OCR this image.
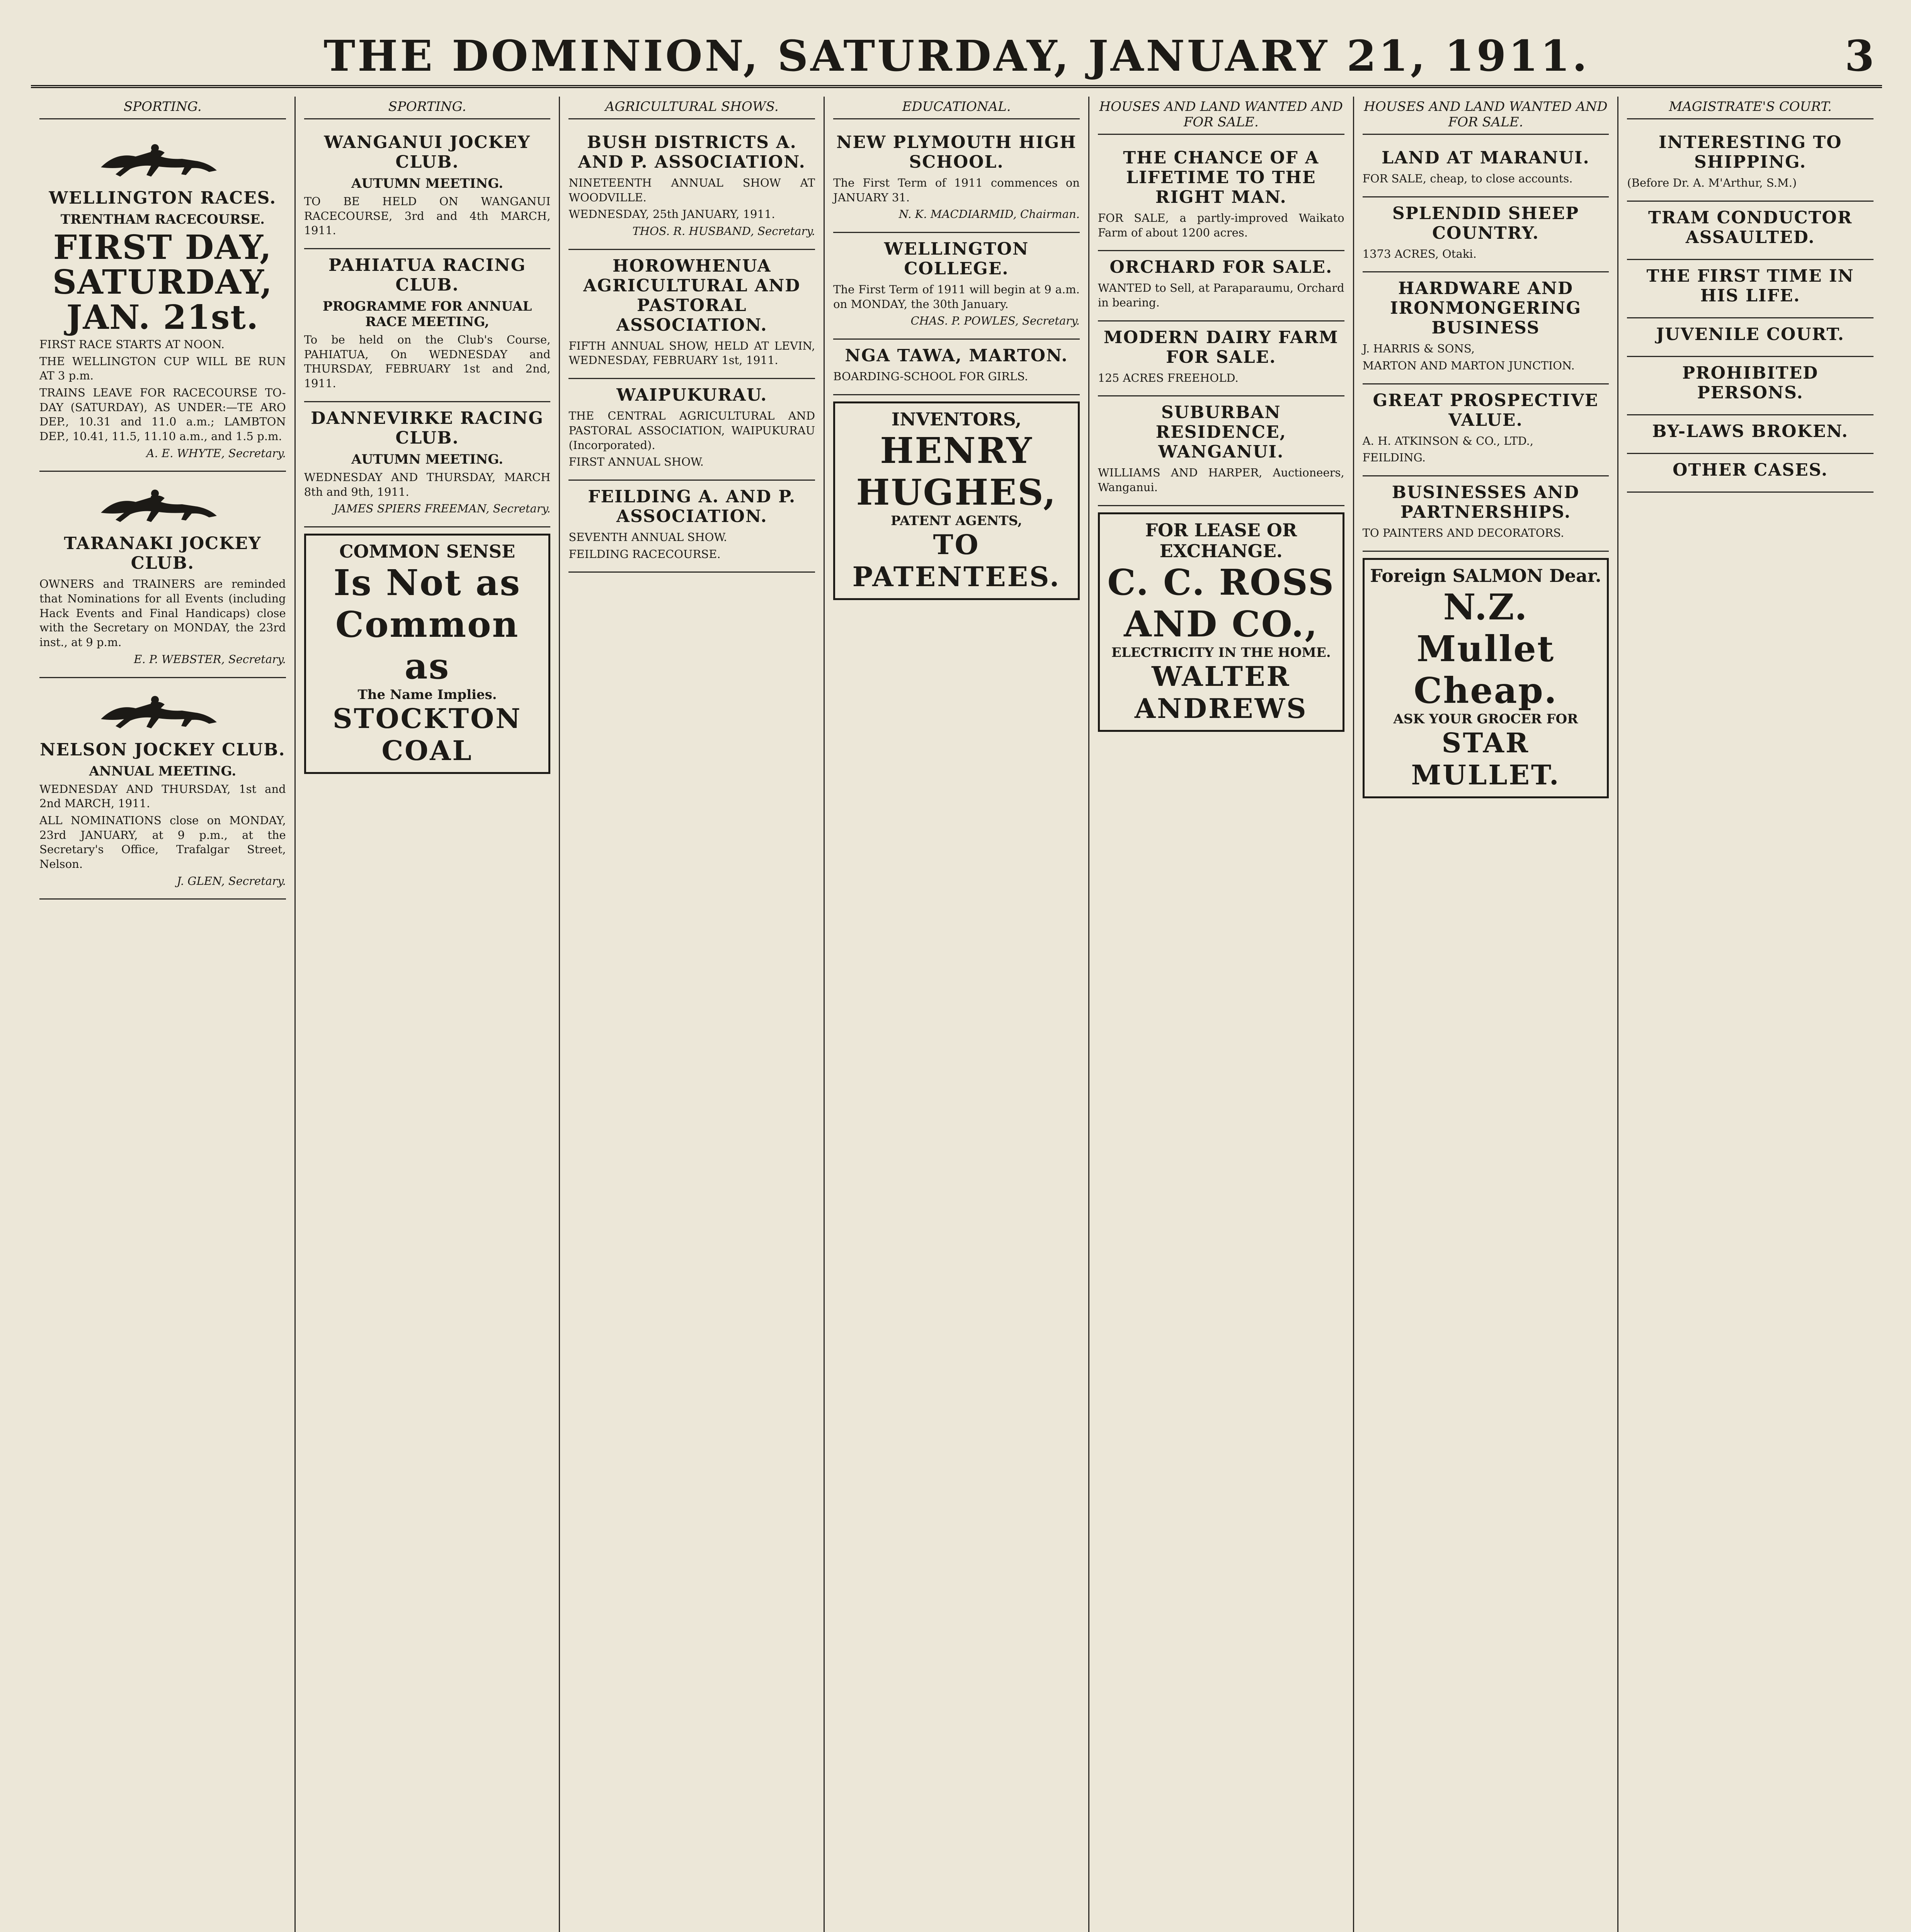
THE DOMINION, SATURDAY, JANUARY 21, 1911.	3
SPORTING.
WELLINGTON RACES.
TRENTHAM RACECOURSE.

FIRST DAY, SATURDAY, JAN. 21st.

FIRST RACE STARTS AT NOON.

THE WELLINGTON CUP WILL BE RUN AT 3 p.m.

TRAINS LEAVE FOR RACECOURSE TO-DAY (SATURDAY), AS UNDER:—TE ARO DEP., 10.31 and 11.0 a.m.; LAMBTON DEP., 10.41, 11.5, 11.10 a.m., and 1.5 p.m.

A. E. WHYTE, Secretary.

TARANAKI JOCKEY CLUB.

OWNERS and TRAINERS are reminded that Nominations for all Events (including Hack Events and Final Handicaps) close with the Secretary on MONDAY, the 23rd inst., at 9 p.m.

E. P. WEBSTER, Secretary.

NELSON JOCKEY CLUB.
ANNUAL MEETING.

WEDNESDAY AND THURSDAY, 1st and 2nd MARCH, 1911.

ALL NOMINATIONS close on MONDAY, 23rd JANUARY, at 9 p.m., at the Secretary's Office, Trafalgar Street, Nelson.

J. GLEN, Secretary.

SPORTING.
WANGANUI JOCKEY CLUB.
AUTUMN MEETING.

TO BE HELD ON WANGANUI RACECOURSE, 3rd and 4th MARCH, 1911.

PAHIATUA RACING CLUB.
PROGRAMME FOR ANNUAL RACE MEETING,

To be held on the Club's Course, PAHIATUA, On WEDNESDAY and THURSDAY, FEBRUARY 1st and 2nd, 1911.

DANNEVIRKE RACING CLUB.
AUTUMN MEETING.

WEDNESDAY AND THURSDAY, MARCH 8th and 9th, 1911.

JAMES SPIERS FREEMAN, Secretary.

COMMON SENSE
Is Not as Common as
The Name Implies.
STOCKTON COAL
AGRICULTURAL SHOWS.
BUSH DISTRICTS A. AND P. ASSOCIATION.

NINETEENTH ANNUAL SHOW AT WOODVILLE.

WEDNESDAY, 25th JANUARY, 1911.

THOS. R. HUSBAND, Secretary.

HOROWHENUA AGRICULTURAL AND PASTORAL ASSOCIATION.

FIFTH ANNUAL SHOW, HELD AT LEVIN, WEDNESDAY, FEBRUARY 1st, 1911.

WAIPUKURAU.

THE CENTRAL AGRICULTURAL AND PASTORAL ASSOCIATION, WAIPUKURAU (Incorporated).

FIRST ANNUAL SHOW.

FEILDING A. AND P. ASSOCIATION.

SEVENTH ANNUAL SHOW.

FEILDING RACECOURSE.

EDUCATIONAL.
NEW PLYMOUTH HIGH SCHOOL.

The First Term of 1911 commences on JANUARY 31.

N. K. MACDIARMID, Chairman.

WELLINGTON COLLEGE.

The First Term of 1911 will begin at 9 a.m. on MONDAY, the 30th January.

CHAS. P. POWLES, Secretary.

NGA TAWA, MARTON.

BOARDING-SCHOOL FOR GIRLS.

INVENTORS,
HENRY HUGHES,
PATENT AGENTS,
TO PATENTEES.
HOUSES AND LAND WANTED AND FOR SALE.
THE CHANCE OF A LIFETIME TO THE RIGHT MAN.

FOR SALE, a partly-improved Waikato Farm of about 1200 acres.

ORCHARD FOR SALE.

WANTED to Sell, at Paraparaumu, Orchard in bearing.

MODERN DAIRY FARM FOR SALE.

125 ACRES FREEHOLD.

SUBURBAN RESIDENCE, WANGANUI.

WILLIAMS AND HARPER, Auctioneers, Wanganui.

FOR LEASE OR EXCHANGE.
C. C. ROSS AND CO.,
ELECTRICITY IN THE HOME.
WALTER ANDREWS
HOUSES AND LAND WANTED AND FOR SALE.
LAND AT MARANUI.

FOR SALE, cheap, to close accounts.

SPLENDID SHEEP COUNTRY.

1373 ACRES, Otaki.

HARDWARE AND IRONMONGERING BUSINESS

J. HARRIS & SONS,

MARTON AND MARTON JUNCTION.

GREAT PROSPECTIVE VALUE.

A. H. ATKINSON & CO., LTD.,

FEILDING.

BUSINESSES AND PARTNERSHIPS.

TO PAINTERS AND DECORATORS.

Foreign SALMON Dear.
N.Z. Mullet Cheap.
ASK YOUR GROCER FOR
STAR MULLET.
MAGISTRATE'S COURT.
INTERESTING TO SHIPPING.

(Before Dr. A. M'Arthur, S.M.)

TRAM CONDUCTOR ASSAULTED.
THE FIRST TIME IN HIS LIFE.
JUVENILE COURT.
PROHIBITED PERSONS.
BY-LAWS BROKEN.
OTHER CASES.
